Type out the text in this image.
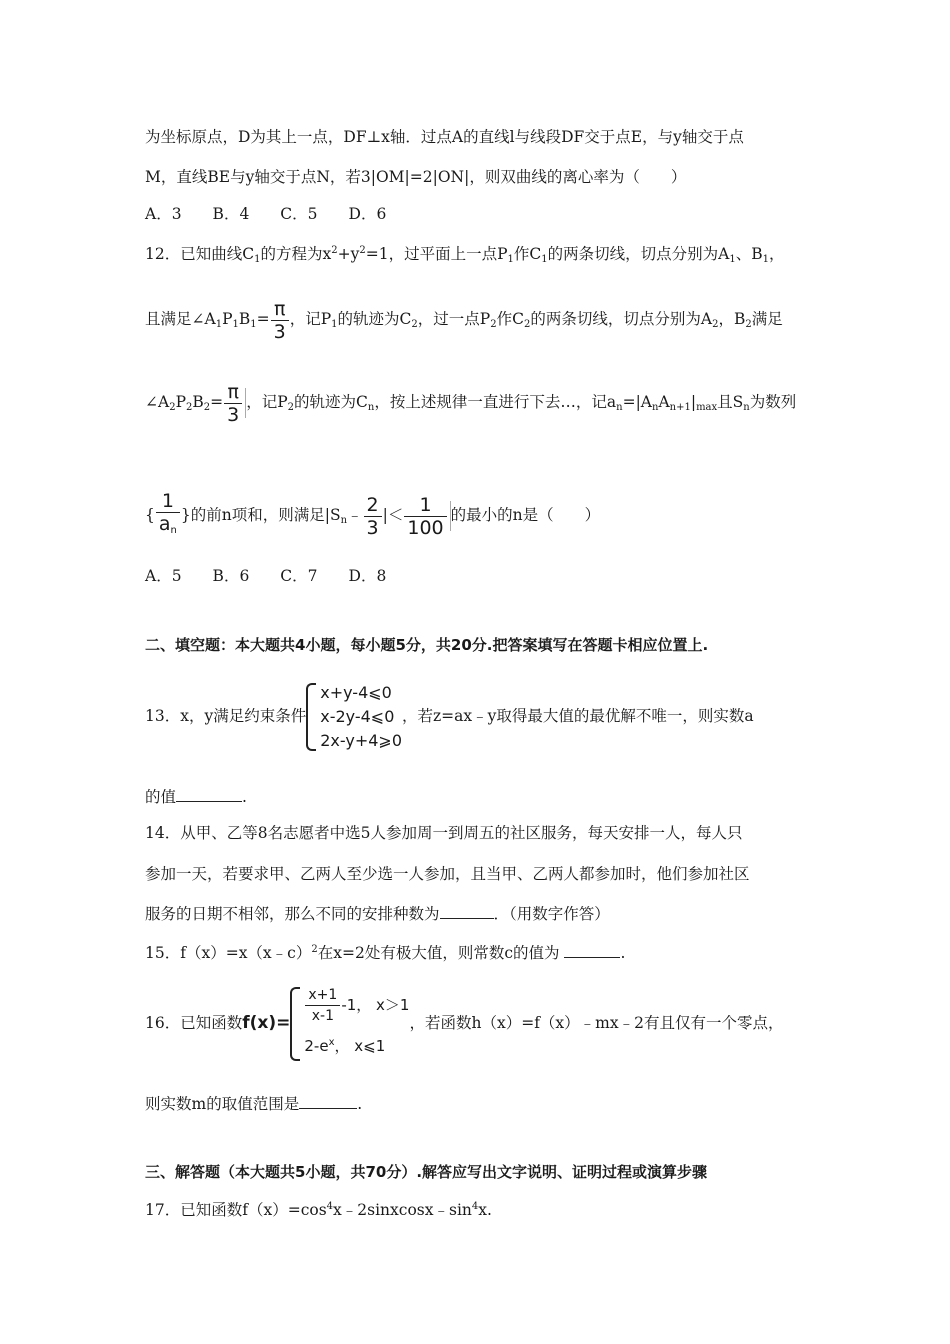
为坐标原点，D为其上一点，DF⊥x轴．过点A的直线l与线段DF交于点E，与y轴交于点
M，直线BE与y轴交于点N，若3|OM|=2|ON|，则双曲线的离心率为（　　）
A．3　　B．4　　C．5　　D．6
12．已知曲线$C_1$的方程为$x^2+y^2=1$，过平面上一点$P_1$作$C_1$的两条切线，切点分别为$A_1$、$B_1$，
且满足$\angle A_1P_1B_1= \frac{\pi}{3}$ ，记$P_1$的轨迹为$C_2$，过一点$P_2$作$C_2$的两条切线，切点分别为$A_2$，$B_2$满足
$\angle A_2P_2B_2= \frac{\pi}{3}$ ，记$P_2$的轨迹为$C_n$，按上述规律一直进行下去…，记$a_n=|A_nA_{n+1}|_{max}$且$S_n$为数列
{ $\frac{1}{a_n}$ }的前n项和，则满足$|S_n﹣ \frac{2}{3}$ |＜ $\frac{1}{100}$ 的最小的n是（　　）
A．5　　B．6　　C．7　　D．8
二、填空题：本大题共4小题，每小题5分，共20分.把答案填写在答题卡相应位置上.
13．x，y满足约束条件
x+y-4⩽0
x-2y-4⩽0
2x-y+4⩾0
，若z=ax﹣y取得最大值的最优解不唯一，则实数a
的值	.
14．从甲、乙等8名志愿者中选5人参加周一到周五的社区服务，每天安排一人，每人只
参加一天，若要求甲、乙两人至少选一人参加，且当甲、乙两人都参加时，他们参加社区
服务的日期不相邻，那么不同的安排种数为	．（用数字作答）
15．f（x）=x（x﹣c）$^2$在x=2处有极大值，则常数c的值为	.
16．已知函数$f(x)= \frac{x+1}{x-1} -1$， x＞1
$2-e^x$， x⩽1
，若函数h（x）=f（x）﹣mx﹣2有且仅有一个零点，
则实数m的取值范围是	.
三、解答题（本大题共5小题，共70分）.解答应写出文字说明、证明过程或演算步骤
17．已知函数$f(x)=\cos^4x﹣2sinxcosx﹣\sin^4x$.
